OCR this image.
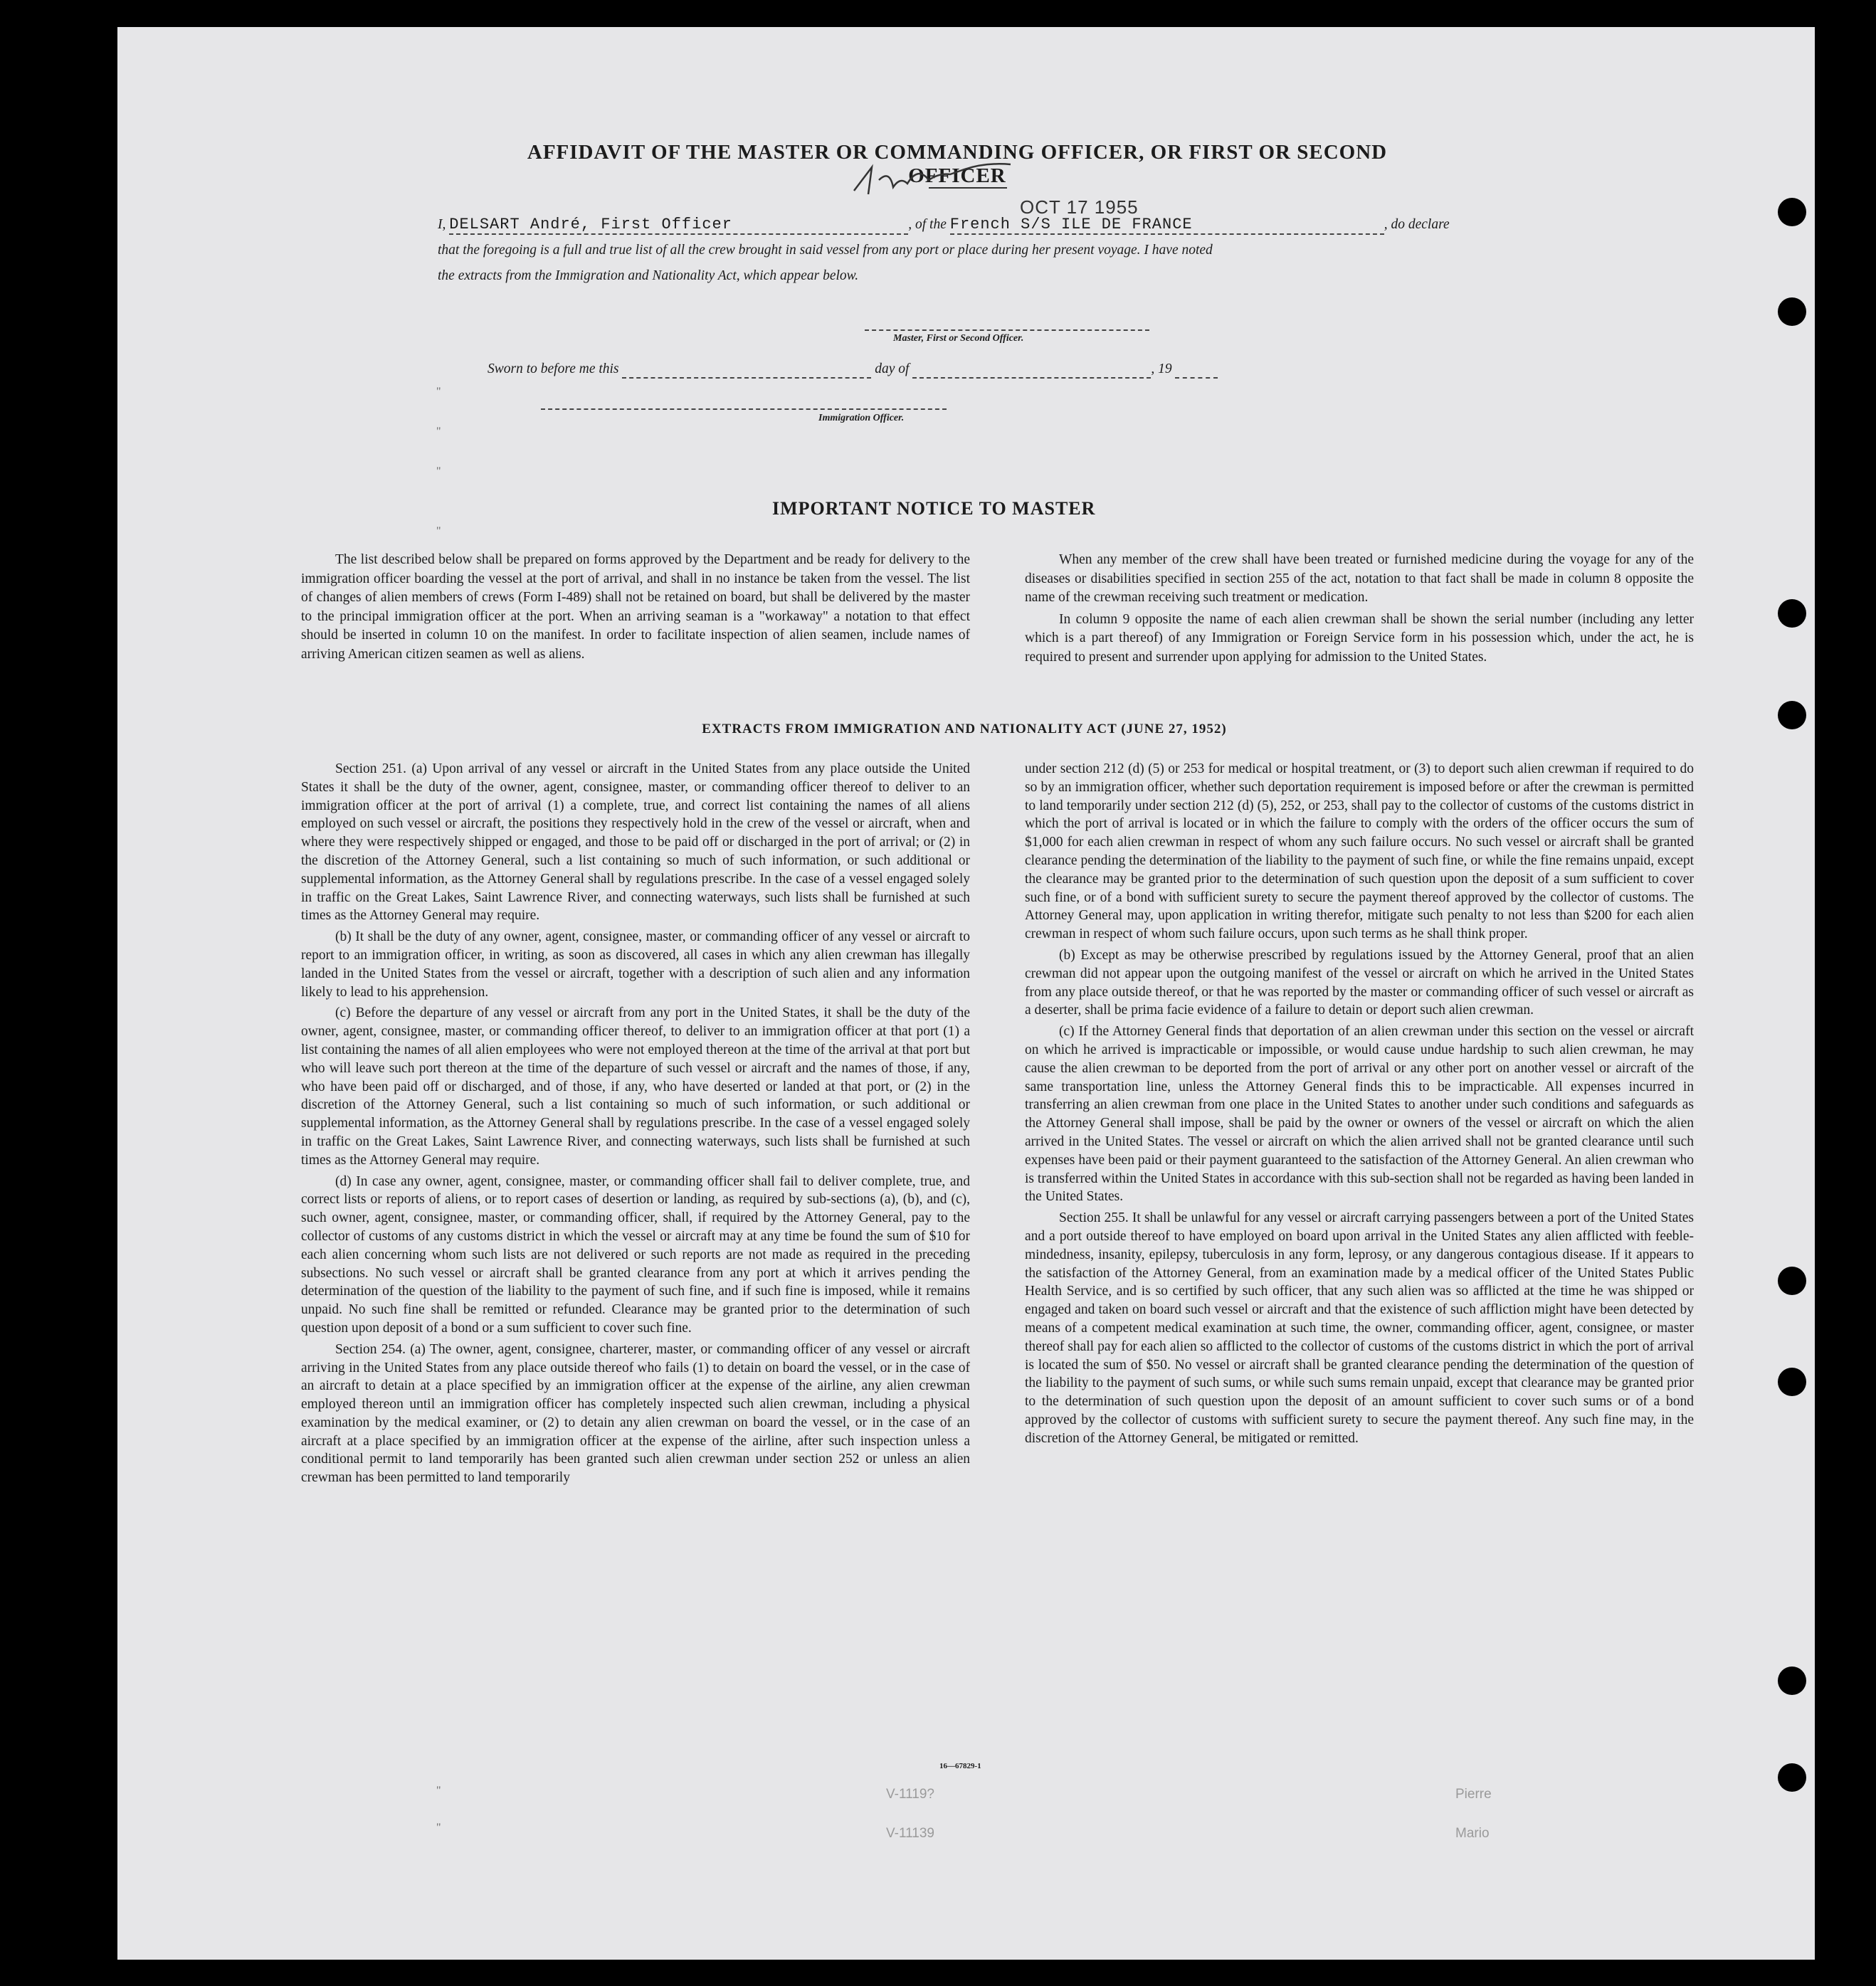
AFFIDAVIT OF THE MASTER OR COMMANDING OFFICER, OR FIRST OR SECOND OFFICER
I, DELSART André, First Officer	, of the French S/S ILE DE FRANCE	, do declare
that the foregoing is a full and true list of all the crew brought in said vessel from any port or place during her present voyage. I have noted
the extracts from the Immigration and Nationality Act, which appear below.
Master, First or Second Officer.
Sworn to before me this	day of	, 19
OCT 17 1955
Immigration Officer.
"
"
"
"
"
"
Pierre
Mario
V-1119?
V-11139
IMPORTANT NOTICE TO MASTER

The list described below shall be prepared on forms approved by the Department and be ready for delivery to the immigration officer boarding the vessel at the port of arrival, and shall in no instance be taken from the vessel. The list of changes of alien members of crews (Form I-489) shall not be retained on board, but shall be delivered by the master to the principal immigration officer at the port. When an arriving seaman is a "workaway" a notation to that effect should be inserted in column 10 on the manifest. In order to facilitate inspection of alien seamen, include names of arriving American citizen seamen as well as aliens.

When any member of the crew shall have been treated or furnished medicine during the voyage for any of the diseases or disabilities specified in section 255 of the act, notation to that fact shall be made in column 8 opposite the name of the crewman receiving such treatment or medication.

In column 9 opposite the name of each alien crewman shall be shown the serial number (including any letter which is a part thereof) of any Immigration or Foreign Service form in his possession which, under the act, he is required to present and surrender upon applying for admission to the United States.

EXTRACTS FROM IMMIGRATION AND NATIONALITY ACT (JUNE 27, 1952)

Section 251. (a) Upon arrival of any vessel or aircraft in the United States from any place outside the United States it shall be the duty of the owner, agent, consignee, master, or commanding officer thereof to deliver to an immigration officer at the port of arrival (1) a complete, true, and correct list containing the names of all aliens employed on such vessel or aircraft, the positions they respectively hold in the crew of the vessel or aircraft, when and where they were respectively shipped or engaged, and those to be paid off or discharged in the port of arrival; or (2) in the discretion of the Attorney General, such a list containing so much of such information, or such additional or supplemental information, as the Attorney General shall by regulations prescribe. In the case of a vessel engaged solely in traffic on the Great Lakes, Saint Lawrence River, and connecting waterways, such lists shall be furnished at such times as the Attorney General may require.

(b) It shall be the duty of any owner, agent, consignee, master, or commanding officer of any vessel or aircraft to report to an immigration officer, in writing, as soon as discovered, all cases in which any alien crewman has illegally landed in the United States from the vessel or aircraft, together with a description of such alien and any information likely to lead to his apprehension.

(c) Before the departure of any vessel or aircraft from any port in the United States, it shall be the duty of the owner, agent, consignee, master, or commanding officer thereof, to deliver to an immigration officer at that port (1) a list containing the names of all alien employees who were not employed thereon at the time of the arrival at that port but who will leave such port thereon at the time of the departure of such vessel or aircraft and the names of those, if any, who have been paid off or discharged, and of those, if any, who have deserted or landed at that port, or (2) in the discretion of the Attorney General, such a list containing so much of such information, or such additional or supplemental information, as the Attorney General shall by regulations prescribe. In the case of a vessel engaged solely in traffic on the Great Lakes, Saint Lawrence River, and connecting waterways, such lists shall be furnished at such times as the Attorney General may require.

(d) In case any owner, agent, consignee, master, or commanding officer shall fail to deliver complete, true, and correct lists or reports of aliens, or to report cases of desertion or landing, as required by sub-sections (a), (b), and (c), such owner, agent, consignee, master, or commanding officer, shall, if required by the Attorney General, pay to the collector of customs of any customs district in which the vessel or aircraft may at any time be found the sum of $10 for each alien concerning whom such lists are not delivered or such reports are not made as required in the preceding subsections. No such vessel or aircraft shall be granted clearance from any port at which it arrives pending the determination of the question of the liability to the payment of such fine, and if such fine is imposed, while it remains unpaid. No such fine shall be remitted or refunded. Clearance may be granted prior to the determination of such question upon deposit of a bond or a sum sufficient to cover such fine.

Section 254. (a) The owner, agent, consignee, charterer, master, or commanding officer of any vessel or aircraft arriving in the United States from any place outside thereof who fails (1) to detain on board the vessel, or in the case of an aircraft to detain at a place specified by an immigration officer at the expense of the airline, any alien crewman employed thereon until an immigration officer has completely inspected such alien crewman, including a physical examination by the medical examiner, or (2) to detain any alien crewman on board the vessel, or in the case of an aircraft at a place specified by an immigration officer at the expense of the airline, after such inspection unless a conditional permit to land temporarily has been granted such alien crewman under section 252 or unless an alien crewman has been permitted to land temporarily

under section 212 (d) (5) or 253 for medical or hospital treatment, or (3) to deport such alien crewman if required to do so by an immigration officer, whether such deportation requirement is imposed before or after the crewman is permitted to land temporarily under section 212 (d) (5), 252, or 253, shall pay to the collector of customs of the customs district in which the port of arrival is located or in which the failure to comply with the orders of the officer occurs the sum of $1,000 for each alien crewman in respect of whom any such failure occurs. No such vessel or aircraft shall be granted clearance pending the determination of the liability to the payment of such fine, or while the fine remains unpaid, except the clearance may be granted prior to the determination of such question upon the deposit of a sum sufficient to cover such fine, or of a bond with sufficient surety to secure the payment thereof approved by the collector of customs. The Attorney General may, upon application in writing therefor, mitigate such penalty to not less than $200 for each alien crewman in respect of whom such failure occurs, upon such terms as he shall think proper.

(b) Except as may be otherwise prescribed by regulations issued by the Attorney General, proof that an alien crewman did not appear upon the outgoing manifest of the vessel or aircraft on which he arrived in the United States from any place outside thereof, or that he was reported by the master or commanding officer of such vessel or aircraft as a deserter, shall be prima facie evidence of a failure to detain or deport such alien crewman.

(c) If the Attorney General finds that deportation of an alien crewman under this section on the vessel or aircraft on which he arrived is impracticable or impossible, or would cause undue hardship to such alien crewman, he may cause the alien crewman to be deported from the port of arrival or any other port on another vessel or aircraft of the same transportation line, unless the Attorney General finds this to be impracticable. All expenses incurred in transferring an alien crewman from one place in the United States to another under such conditions and safeguards as the Attorney General shall impose, shall be paid by the owner or owners of the vessel or aircraft on which the alien arrived in the United States. The vessel or aircraft on which the alien arrived shall not be granted clearance until such expenses have been paid or their payment guaranteed to the satisfaction of the Attorney General. An alien crewman who is transferred within the United States in accordance with this sub-section shall not be regarded as having been landed in the United States.

Section 255. It shall be unlawful for any vessel or aircraft carrying passengers between a port of the United States and a port outside thereof to have employed on board upon arrival in the United States any alien afflicted with feeble-mindedness, insanity, epilepsy, tuberculosis in any form, leprosy, or any dangerous contagious disease. If it appears to the satisfaction of the Attorney General, from an examination made by a medical officer of the United States Public Health Service, and is so certified by such officer, that any such alien was so afflicted at the time he was shipped or engaged and taken on board such vessel or aircraft and that the existence of such affliction might have been detected by means of a competent medical examination at such time, the owner, commanding officer, agent, consignee, or master thereof shall pay for each alien so afflicted to the collector of customs of the customs district in which the port of arrival is located the sum of $50. No vessel or aircraft shall be granted clearance pending the determination of the question of the liability to the payment of such sums, or while such sums remain unpaid, except that clearance may be granted prior to the determination of such question upon the deposit of an amount sufficient to cover such sums or of a bond approved by the collector of customs with sufficient surety to secure the payment thereof. Any such fine may, in the discretion of the Attorney General, be mitigated or remitted.

16—67829-1
